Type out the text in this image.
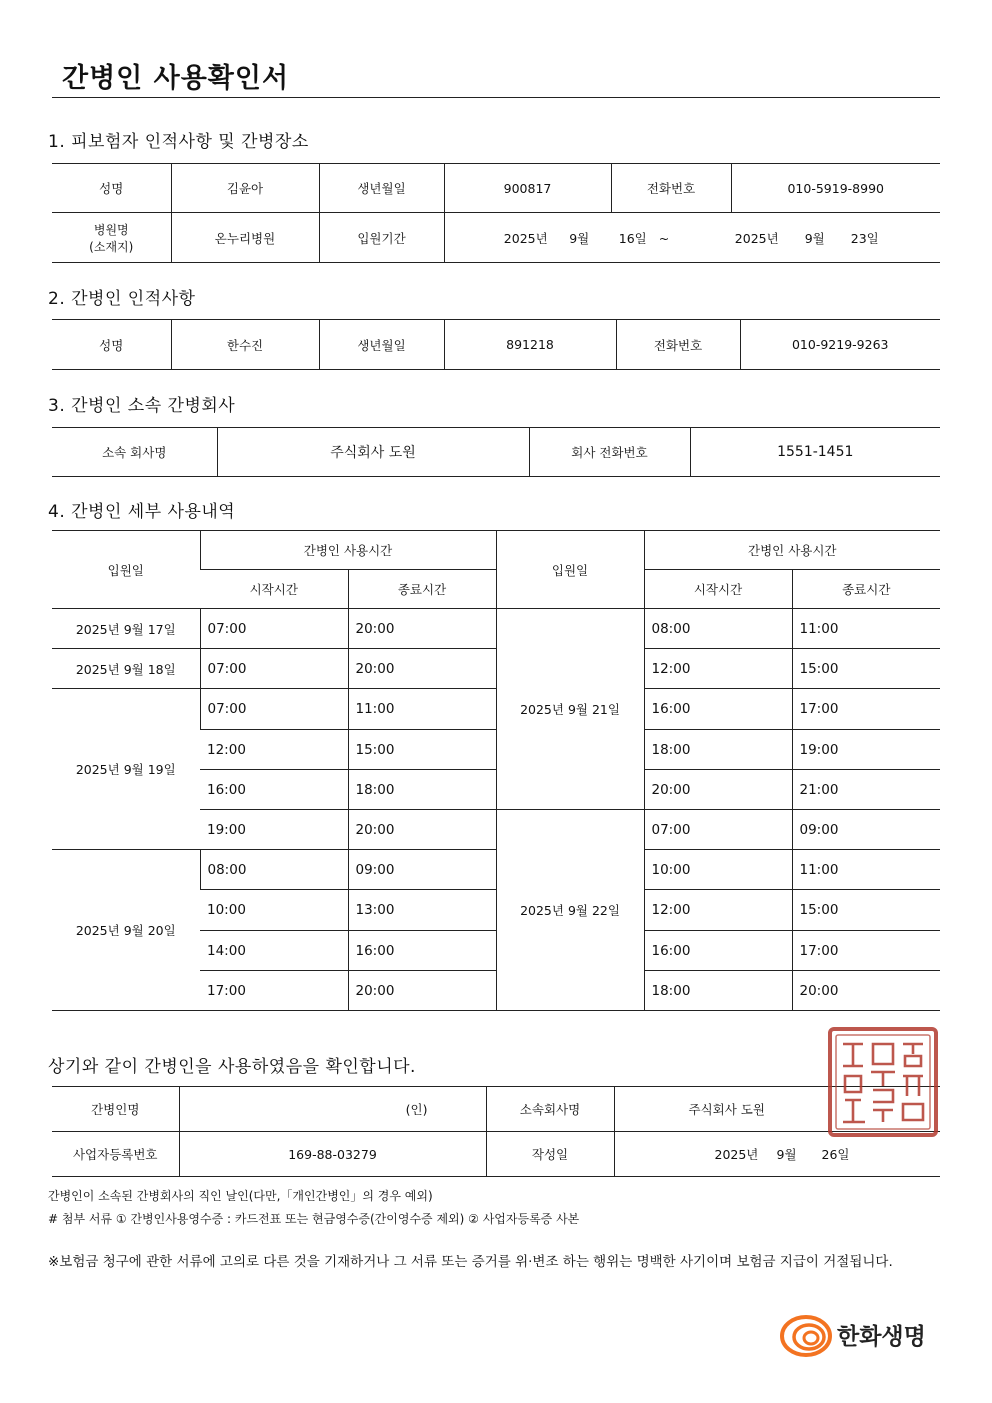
간병인 사용확인서
1. 피보험자 인적사항 및 간병장소
성명	김윤아	생년월일	900817	전화번호	010-5919-8990

병원명
(소재지)	온누리병원	입원기간	2025년 9월 16일 ~ 2025년 9월 23일		
2. 간병인 인적사항
성명	한수진	생년월일	891218	전화번호	010-9219-9263
3. 간병인 소속 간병회사
소속 회사명	주식회사 도원	회사 전화번호	1551-1451
4. 간병인 세부 사용내역
입원일	간병인 사용시간		입원일	간병인 사용시간	
	시작시간	종료시간		시작시간	종료시간
2025년 9월 17일	07:00	20:00	2025년 9월 21일	08:00	11:00
2025년 9월 18일	07:00	20:00		12:00	15:00
2025년 9월 19일	07:00	11:00		16:00	17:00
	12:00	15:00		18:00	19:00
	16:00	18:00		20:00	21:00
	19:00	20:00	2025년 9월 22일	07:00	09:00
2025년 9월 20일	08:00	09:00		10:00	11:00
	10:00	13:00		12:00	15:00
	14:00	16:00		16:00	17:00
	17:00	20:00		18:00	20:00
상기와 같이 간병인을 사용하였음을 확인합니다.
간병인명	(인)	소속회사명	주식회사 도원
사업자등록번호	169-88-03279	작성일	2025년 9월 26일
간병인이 소속된 간병회사의 직인 날인(다만,「개인간병인」의 경우 예외)
# 첨부 서류 ① 간병인사용영수증 : 카드전표 또는 현금영수증(간이영수증 제외) ② 사업자등록증 사본
※보험금 청구에 관한 서류에 고의로 다른 것을 기재하거나 그 서류 또는 증거를 위·변조 하는 행위는 명백한 사기이며 보험금 지급이 거절됩니다.
한화생명
